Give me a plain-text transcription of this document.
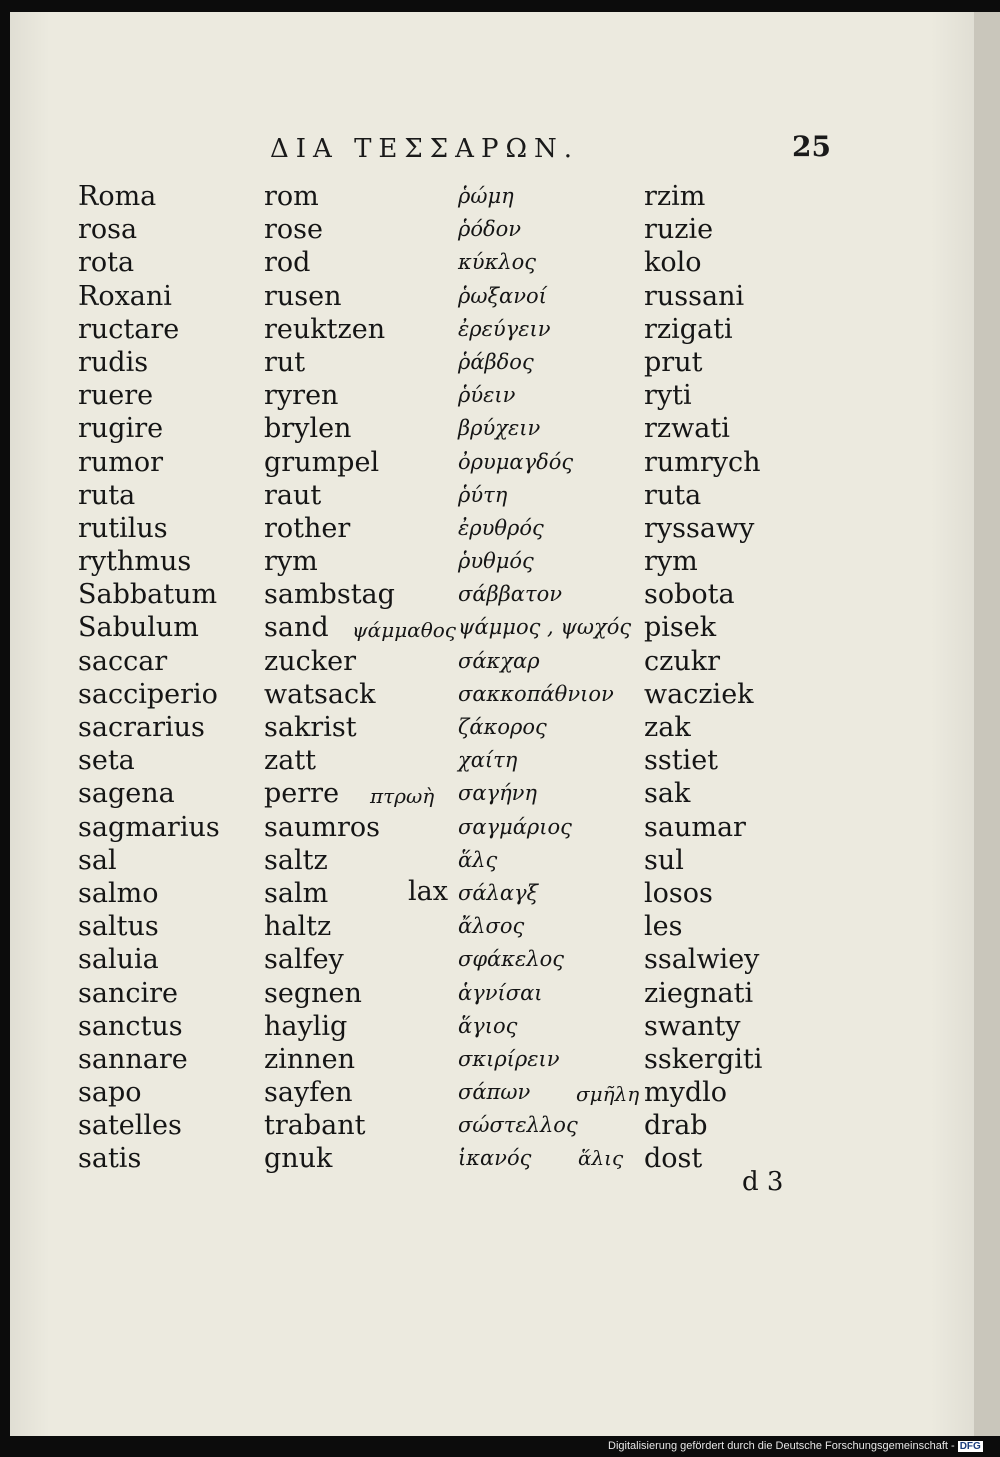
ΔΙΑ ΤΕΣΣΑΡΩΝ.	25
Roma
rosa
rota
Roxani
ructare
rudis
ruere
rugire
rumor
ruta
rutilus
rythmus
Sabbatum
Sabulum
saccar
sacciperio
sacrarius
seta
sagena
sagmarius
sal
salmo
saltus
saluia
sancire
sanctus
sannare
sapo
satelles
satis
rom
rose
rod
rusen
reuktzen
rut
ryren
brylen
grumpel
raut
rother
rym
sambstag
sand
zucker
watsack
sakrist
zatt
perre
saumros
saltz
salm
haltz
salfey
segnen
haylig
zinnen
sayfen
trabant
gnuk
ῥώμη
ῥόδον
κύκλος
ῥωξανοί
ἐρεύγειν
ῥάβδος
ῥύειν
βρύχειν
ὀρυμαγδός
ῥύτη
ἐρυθρός
ῥυθμός
σάββατον
ψάμμος , ψωχός
σάκχαρ
σακκοπάθνιον
ζάκορος
χαίτη
σαγήνη
σαγμάριος
ἅλς
σάλαγξ
ἄλσος
σφάκελος
ἁγνίσαι
ἅγιος
σκιρίρειν
σάπων
σώστελλος
ἱκανός
rzim
ruzie
kolo
russani
rzigati
prut
ryti
rzwati
rumrych
ruta
ryssawy
rym
sobota
pisek
czukr
wacziek
zak
sstiet
sak
saumar
sul
losos
les
ssalwiey
ziegnati
swanty
sskergiti
mydlo
drab
dost
ψάμμαθος
πτρωὴ
lax
σμῆλη
ἅλις
d 3
Digitalisierung gefördert durch die Deutsche Forschungsgemeinschaft - DFG
